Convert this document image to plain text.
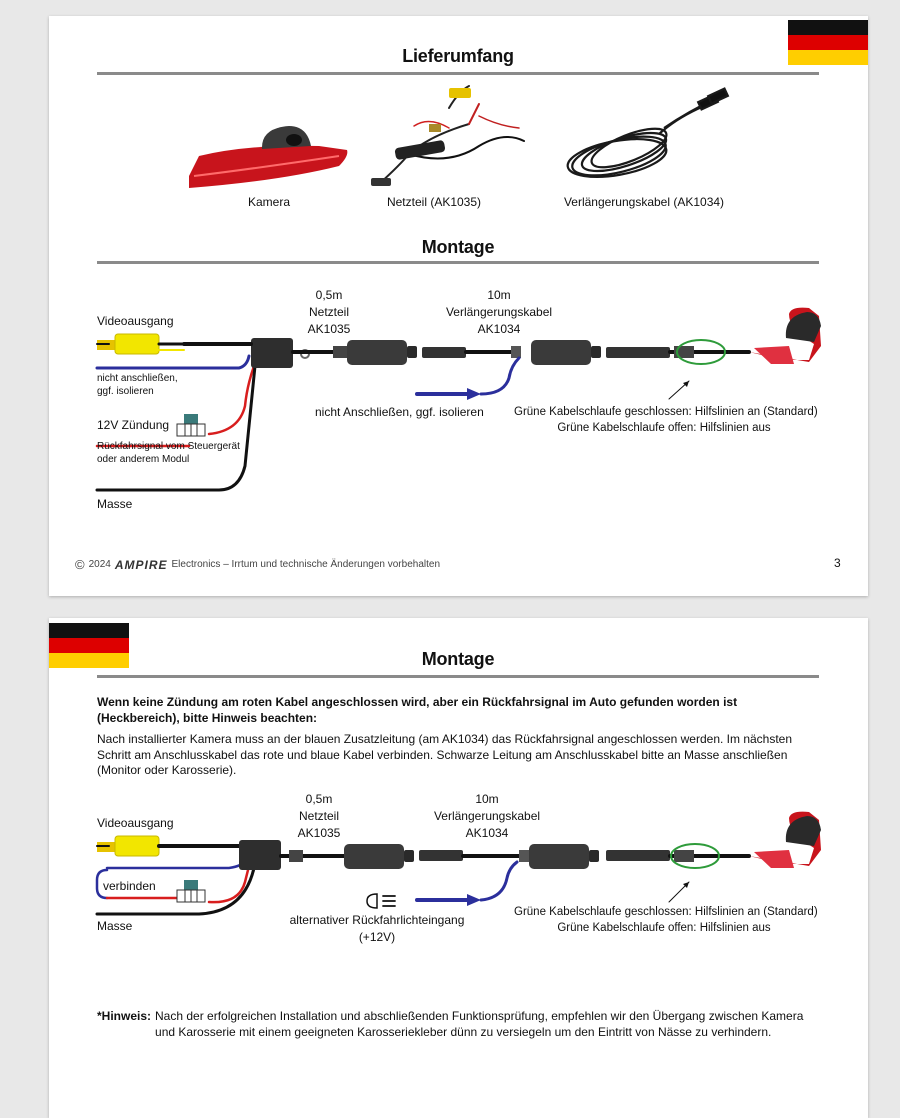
Lieferumfang
Kamera	Netzteil (AK1035)	Verlängerungskabel (AK1034)
Montage
0,5m
Netzteil
AK1035
10m
Verlängerungskabel
AK1034
Videoausgang
nicht anschließen,
ggf. isolieren
12V Zündung
Rückfahrsignal vom Steuergerät
oder anderem Modul
Masse
nicht Anschließen, ggf. isolieren	Grüne Kabelschlaufe geschlossen: Hilfslinien an (Standard)
Grüne Kabelschlaufe offen: Hilfslinien aus
© 2024 AMPIRE Electronics – Irrtum und technische Änderungen vorbehalten	3
Montage
Wenn keine Zündung am roten Kabel angeschlossen wird, aber ein Rückfahrsignal im Auto gefunden worden ist (Heckbereich), bitte Hinweis beachten:
Nach installierter Kamera muss an der blauen Zusatzleitung (am AK1034) das Rückfahrsignal angeschlossen werden. Im nächsten Schritt am Anschlusskabel das rote und blaue Kabel verbinden. Schwarze Leitung am Anschlusskabel bitte an Masse anschließen (Monitor oder Karosserie).
0,5m
Netzteil
AK1035
10m
Verlängerungskabel
AK1034
Videoausgang
verbinden
Masse	alternativer Rückfahrlichteingang
(+12V)
Grüne Kabelschlaufe geschlossen: Hilfslinien an (Standard)
Grüne Kabelschlaufe offen: Hilfslinien aus
*Hinweis: Nach der erfolgreichen Installation und abschließenden Funktionsprüfung, empfehlen wir den Übergang zwischen Kamera und Karosserie mit einem geeigneten Karosseriekleber dünn zu versiegeln um den Eintritt von Nässe zu verhindern.
